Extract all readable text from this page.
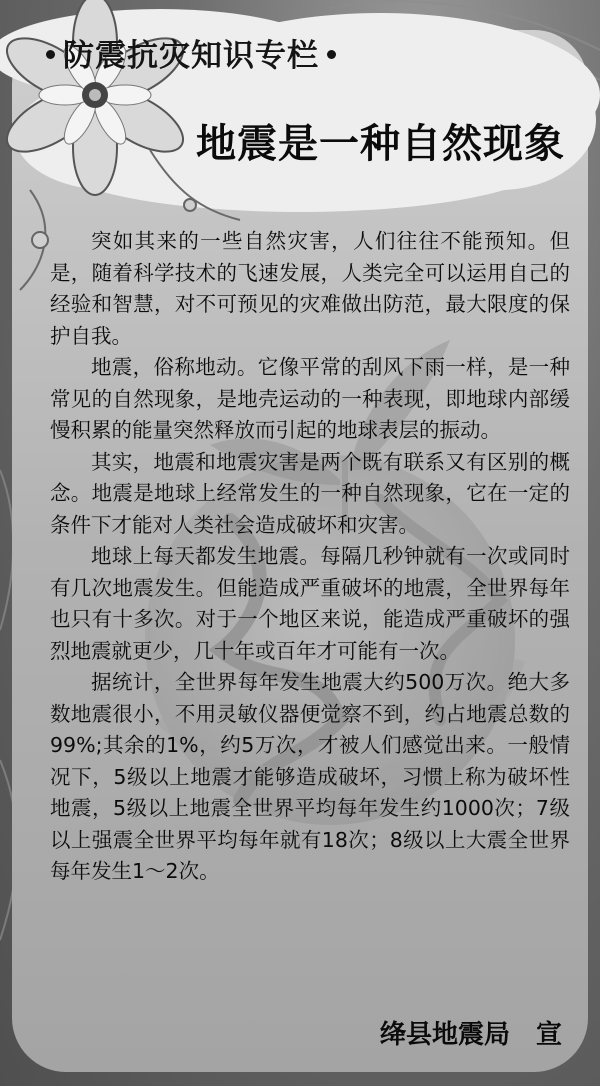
防震抗灾知识专栏
地震是一种自然现象

突如其来的一些自然灾害，人们往往不能预知。但是，随着科学技术的飞速发展，人类完全可以运用自己的经验和智慧，对不可预见的灾难做出防范，最大限度的保护自我。

地震，俗称地动。它像平常的刮风下雨一样，是一种常见的自然现象，是地壳运动的一种表现，即地球内部缓慢积累的能量突然释放而引起的地球表层的振动。

其实，地震和地震灾害是两个既有联系又有区别的概念。地震是地球上经常发生的一种自然现象，它在一定的条件下才能对人类社会造成破坏和灾害。

地球上每天都发生地震。每隔几秒钟就有一次或同时有几次地震发生。但能造成严重破坏的地震，全世界每年也只有十多次。对于一个地区来说，能造成严重破坏的强烈地震就更少，几十年或百年才可能有一次。

据统计，全世界每年发生地震大约500万次。绝大多数地震很小，不用灵敏仪器便觉察不到，约占地震总数的99%;其余的1%，约5万次，才被人们感觉出来。一般情况下，5级以上地震才能够造成破坏，习惯上称为破坏性地震，5级以上地震全世界平均每年发生约1000次；7级以上强震全世界平均每年就有18次；8级以上大震全世界每年发生1～2次。

绛县地震局　宣
